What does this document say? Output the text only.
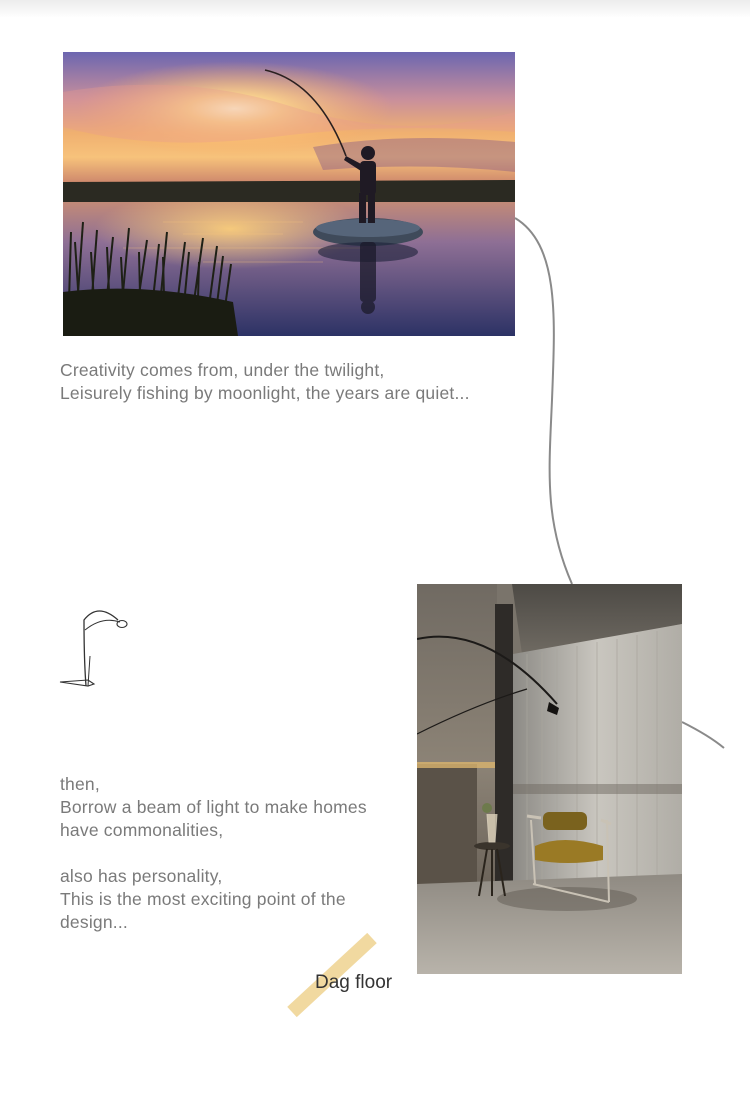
Creativity comes from, under the twilight,
Leisurely fishing by moonlight, the years are quiet...

then,
Borrow a beam of light to make homes
have commonalities,
also has personality,
This is the most exciting point of the
design...

Dag floor
